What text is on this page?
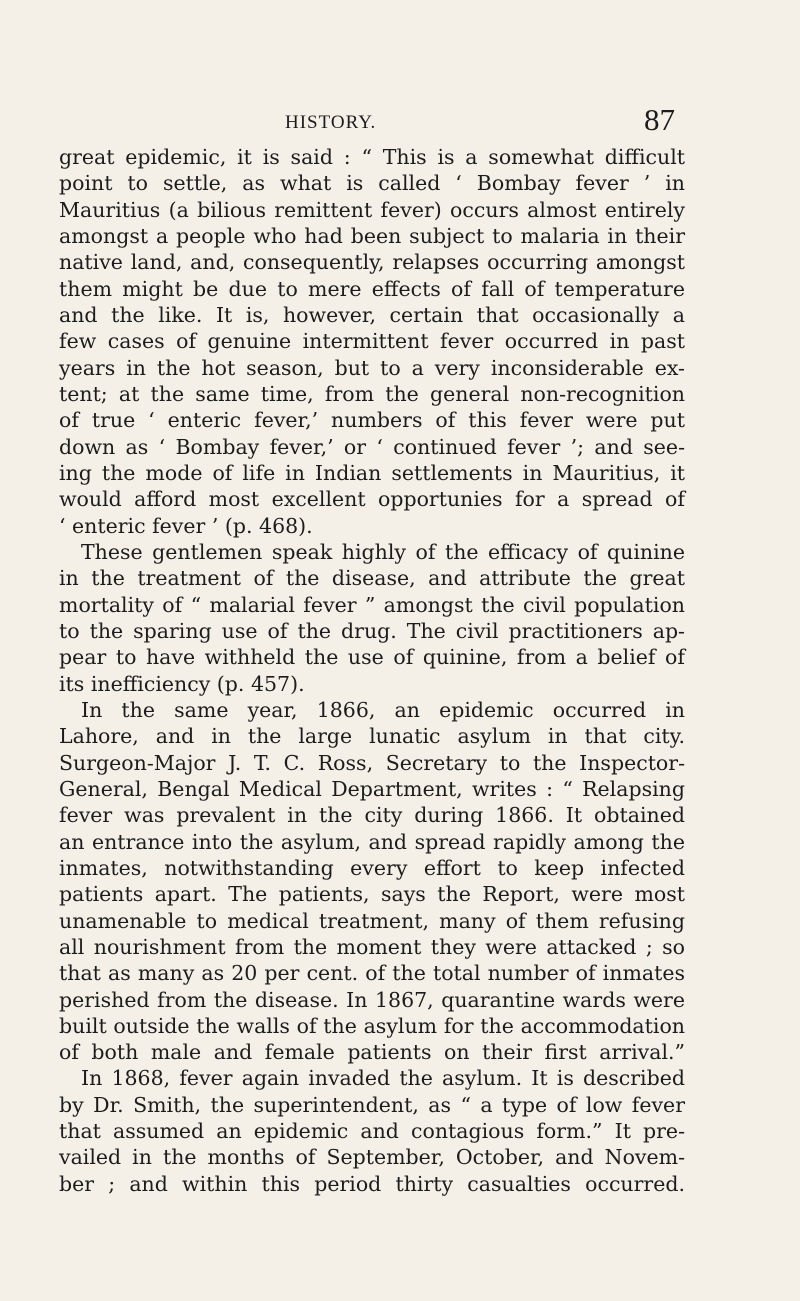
HISTORY.	87
great epidemic, it is said : “ This is a somewhat difficult
point to settle, as what is called ‘ Bombay fever ’ in
Mauritius (a bilious remittent fever) occurs almost entirely
amongst a people who had been subject to malaria in their
native land, and, consequently, relapses occurring amongst
them might be due to mere effects of fall of temperature
and the like. It is, however, certain that occasionally a
few cases of genuine intermittent fever occurred in past
years in the hot season, but to a very inconsiderable ex-
tent; at the same time, from the general non-recognition
of true ‘ enteric fever,’ numbers of this fever were put
down as ‘ Bombay fever,’ or ‘ continued fever ’; and see-
ing the mode of life in Indian settlements in Mauritius, it
would afford most excellent opportunies for a spread of
‘ enteric fever ’ (p. 468).
These gentlemen speak highly of the efficacy of quinine
in the treatment of the disease, and attribute the great
mortality of “ malarial fever ” amongst the civil population
to the sparing use of the drug. The civil practitioners ap-
pear to have withheld the use of quinine, from a belief of
its inefficiency (p. 457).
In the same year, 1866, an epidemic occurred in
Lahore, and in the large lunatic asylum in that city.
Surgeon-Major J. T. C. Ross, Secretary to the Inspector-
General, Bengal Medical Department, writes : “ Relapsing
fever was prevalent in the city during 1866. It obtained
an entrance into the asylum, and spread rapidly among the
inmates, notwithstanding every effort to keep infected
patients apart. The patients, says the Report, were most
unamenable to medical treatment, many of them refusing
all nourishment from the moment they were attacked ; so
that as many as 20 per cent. of the total number of inmates
perished from the disease. In 1867, quarantine wards were
built outside the walls of the asylum for the accommodation
of both male and female patients on their first arrival.”
In 1868, fever again invaded the asylum. It is described
by Dr. Smith, the superintendent, as “ a type of low fever
that assumed an epidemic and contagious form.” It pre-
vailed in the months of September, October, and Novem-
ber ; and within this period thirty casualties occurred.
